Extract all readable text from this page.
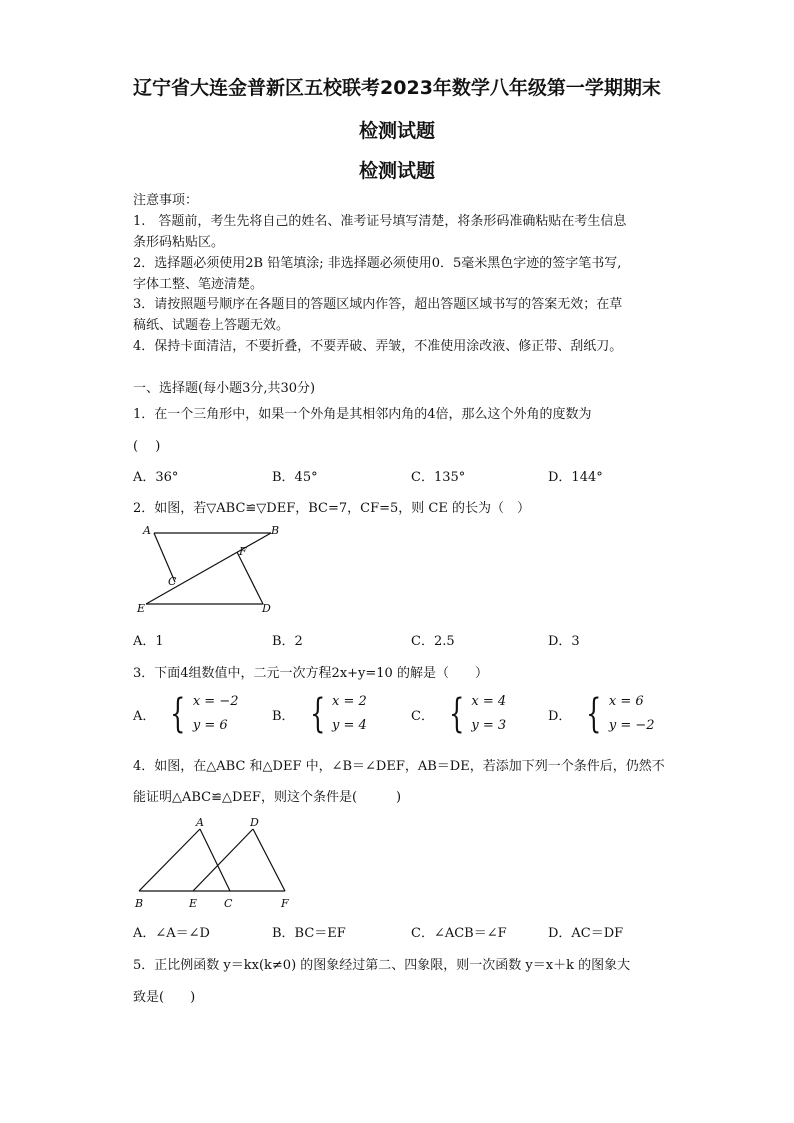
辽宁省大连金普新区五校联考2023年数学八年级第一学期期末
检测试题
检测试题
注意事项：
1.　答题前，考生先将自己的姓名、准考证号填写清楚，将条形码准确粘贴在考生信息
条形码粘贴区。
2．选择题必须使用2B 铅笔填涂; 非选择题必须使用0．5毫米黑色字迹的签字笔书写,
字体工整、笔迹清楚。
3．请按照题号顺序在各题目的答题区域内作答，超出答题区域书写的答案无效；在草
稿纸、试题卷上答题无效。
4．保持卡面清洁，不要折叠，不要弄破、弄皱，不准使用涂改液、修正带、刮纸刀。
一、选择题(每小题3分,共30分)
1．在一个三角形中，如果一个外角是其相邻内角的4倍，那么这个外角的度数为
(　 )
A．36°	B．45°	C．135°	D．144°
2．如图，若▽ABC≌▽DEF，BC=7，CF=5，则 CE 的长为（　）
A	B
F
C
E	D
A．1	B．2	C．2.5	D．3
3．下面4组数值中，二元一次方程2x+y=10 的解是（　　）
A． { x = −2
y = 6
B． { x = 2
y = 4
C． { x = 4
y = 3
D． { x = 6
y = −2
4．如图，在△ABC 和△DEF 中，∠B＝∠DEF，AB＝DE，若添加下列一个条件后，仍然不
能证明△ABC≌△DEF，则这个条件是(　　　)
A	D
B	E C	F
A．∠A＝∠D	B．BC＝EF	C．∠ACB＝∠F	D．AC＝DF
5．正比例函数 y＝kx(k≠0) 的图象经过第二、四象限，则一次函数 y＝x＋k 的图象大
致是(　　)
